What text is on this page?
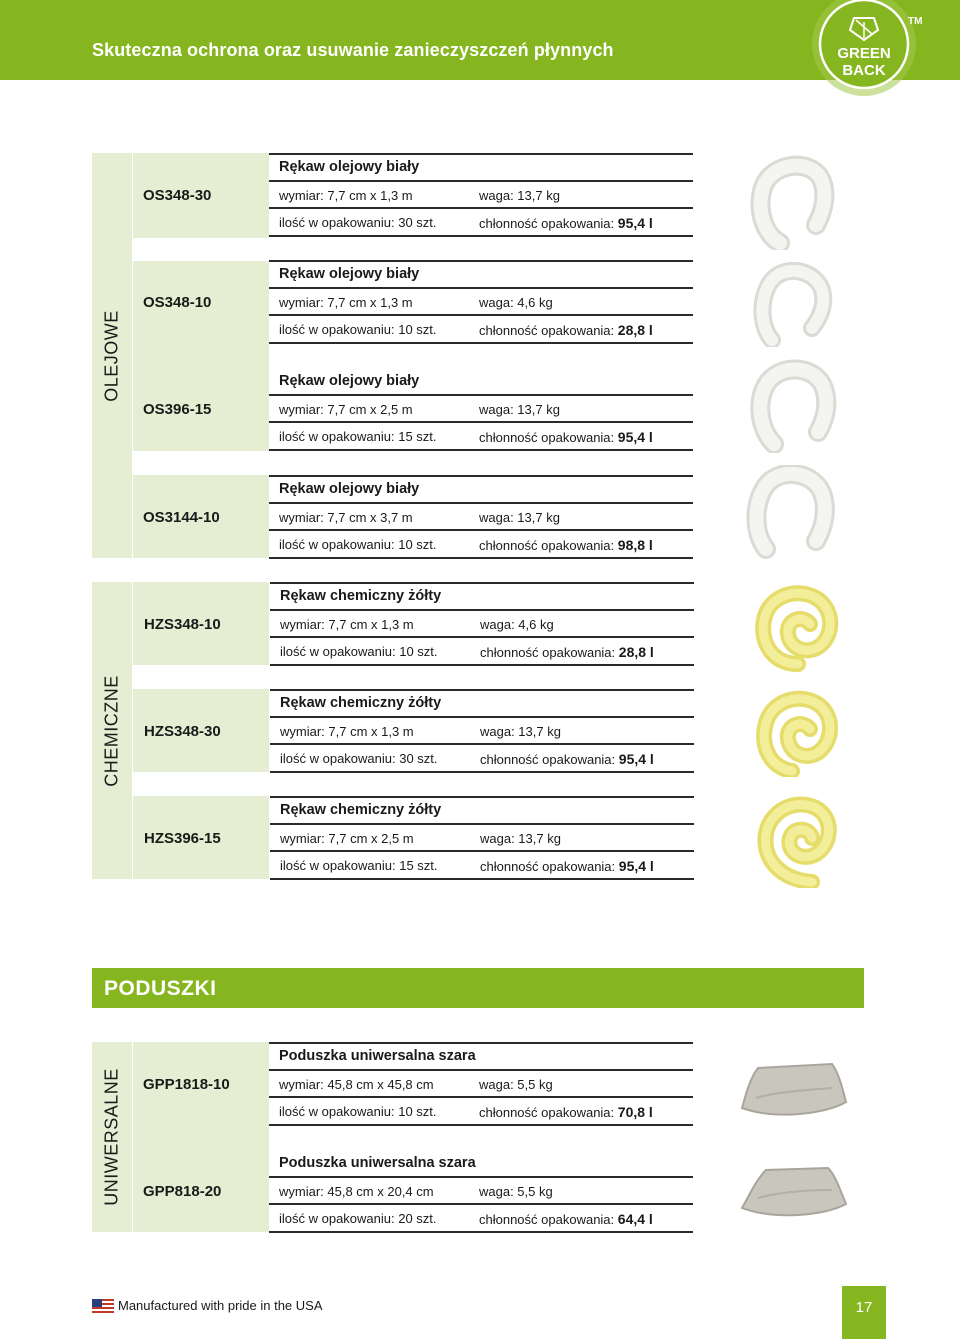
Skuteczna ochrona oraz usuwanie zanieczyszczeń płynnych	GREEN
BACK
TM
OLEJOWE
Rękaw olejowy biały
OS348-30	wymiar: 7,7 cm x 1,3 m	waga: 13,7 kg
ilość w opakowaniu: 30 szt.	chłonność opakowania: 95,4 l
Rękaw olejowy biały
OS348-10	wymiar: 7,7 cm x 1,3 m	waga: 4,6 kg
ilość w opakowaniu: 10 szt.	chłonność opakowania: 28,8 l
Rękaw olejowy biały
OS396-15	wymiar: 7,7 cm x 2,5 m	waga: 13,7 kg
ilość w opakowaniu: 15 szt.	chłonność opakowania: 95,4 l
Rękaw olejowy biały
OS3144-10	wymiar: 7,7 cm x 3,7 m	waga: 13,7 kg
ilość w opakowaniu: 10 szt.	chłonność opakowania: 98,8 l
CHEMICZNE
Rękaw chemiczny żółty
HZS348-10	wymiar: 7,7 cm x 1,3 m	waga: 4,6 kg
ilość w opakowaniu: 10 szt.	chłonność opakowania: 28,8 l
Rękaw chemiczny żółty
HZS348-30	wymiar: 7,7 cm x 1,3 m	waga: 13,7 kg
ilość w opakowaniu: 30 szt.	chłonność opakowania: 95,4 l
Rękaw chemiczny żółty
HZS396-15	wymiar: 7,7 cm x 2,5 m	waga: 13,7 kg
ilość w opakowaniu: 15 szt.	chłonność opakowania: 95,4 l
PODUSZKI
UNIWERSALNE
Poduszka uniwersalna szara
GPP1818-10	wymiar: 45,8 cm x 45,8 cm	waga: 5,5 kg
ilość w opakowaniu: 10 szt.	chłonność opakowania: 70,8 l
Poduszka uniwersalna szara
GPP818-20	wymiar: 45,8 cm x 20,4 cm	waga: 5,5 kg
ilość w opakowaniu: 20 szt.	chłonność opakowania: 64,4 l
Manufactured with pride in the USA	17
